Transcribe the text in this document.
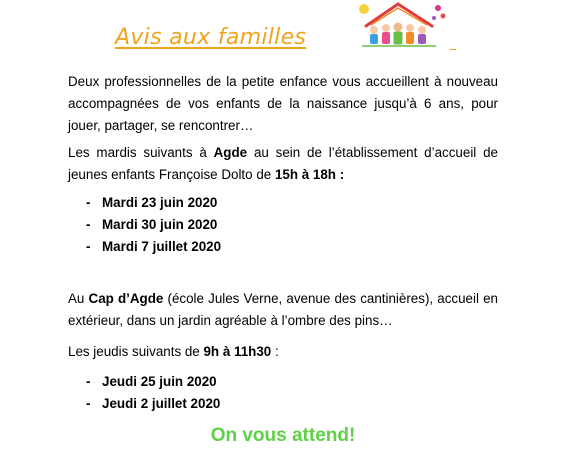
Avis aux familles
Deux professionnelles de la petite enfance vous accueillent à nouveau accompagnées de vos enfants de la naissance jusqu’à 6 ans, pour jouer, partager, se rencontrer…
Les mardis suivants à Agde au sein de l’établissement d’accueil de jeunes enfants Françoise Dolto de 15h à 18h :
- Mardi 23 juin 2020
- Mardi 30 juin 2020
- Mardi 7 juillet 2020
Au Cap d’Agde (école Jules Verne, avenue des cantinières), accueil en extérieur, dans un jardin agréable à l’ombre des pins…
Les jeudis suivants de 9h à 11h30 :
- Jeudi 25 juin 2020
- Jeudi 2 juillet 2020
On vous attend!
